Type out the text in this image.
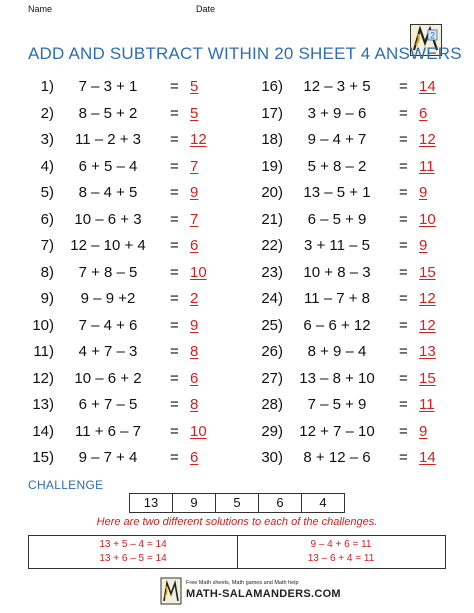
Name	Date
2
ADD AND SUBTRACT WITHIN 20 SHEET 4 ANSWERS
1)	7 – 3 + 1	= 5
2)	8 – 5 + 2	= 5
3)	11 – 2 + 3	= 12
4)	6 + 5 – 4	= 7
5)	8 – 4 + 5	= 9
6)	10 – 6 + 3	= 7
7)	12 – 10 + 4	= 6
8)	7 + 8 – 5	= 10
9)	9 – 9 +2	= 2
10)	7 – 4 + 6	= 9
11)	4 + 7 – 3	= 8
12)	10 – 6 + 2	= 6
13)	6 + 7 – 5	= 8
14)	11 + 6 – 7	= 10
15)	9 – 7 + 4	= 6
16)	12 – 3 + 5	= 14
17)	3 + 9 – 6	= 6
18)	9 – 4 + 7	= 12
19)	5 + 8 – 2	= 11
20)	13 – 5 + 1	= 9
21)	6 – 5 + 9	= 10
22)	3 + 11 – 5	= 9
23)	10 + 8 – 3	= 15
24)	11 – 7 + 8	= 12
25)	6 – 6 + 12	= 12
26)	8 + 9 – 4	= 13
27)	13 – 8 + 10	= 15
28)	7 – 5 + 9	= 11
29)	12 + 7 – 10	= 9
30)	8 + 12 – 6	= 14
CHALLENGE
13	9	5	6	4
Here are two different solutions to each of the challenges.
13 + 5 – 4 = 14
13 + 6 – 5 = 14
9 – 4 + 6 = 11
13 – 6 + 4 = 11
Free Math sheets, Math games and Math help
MATH-SALAMANDERS.COM
